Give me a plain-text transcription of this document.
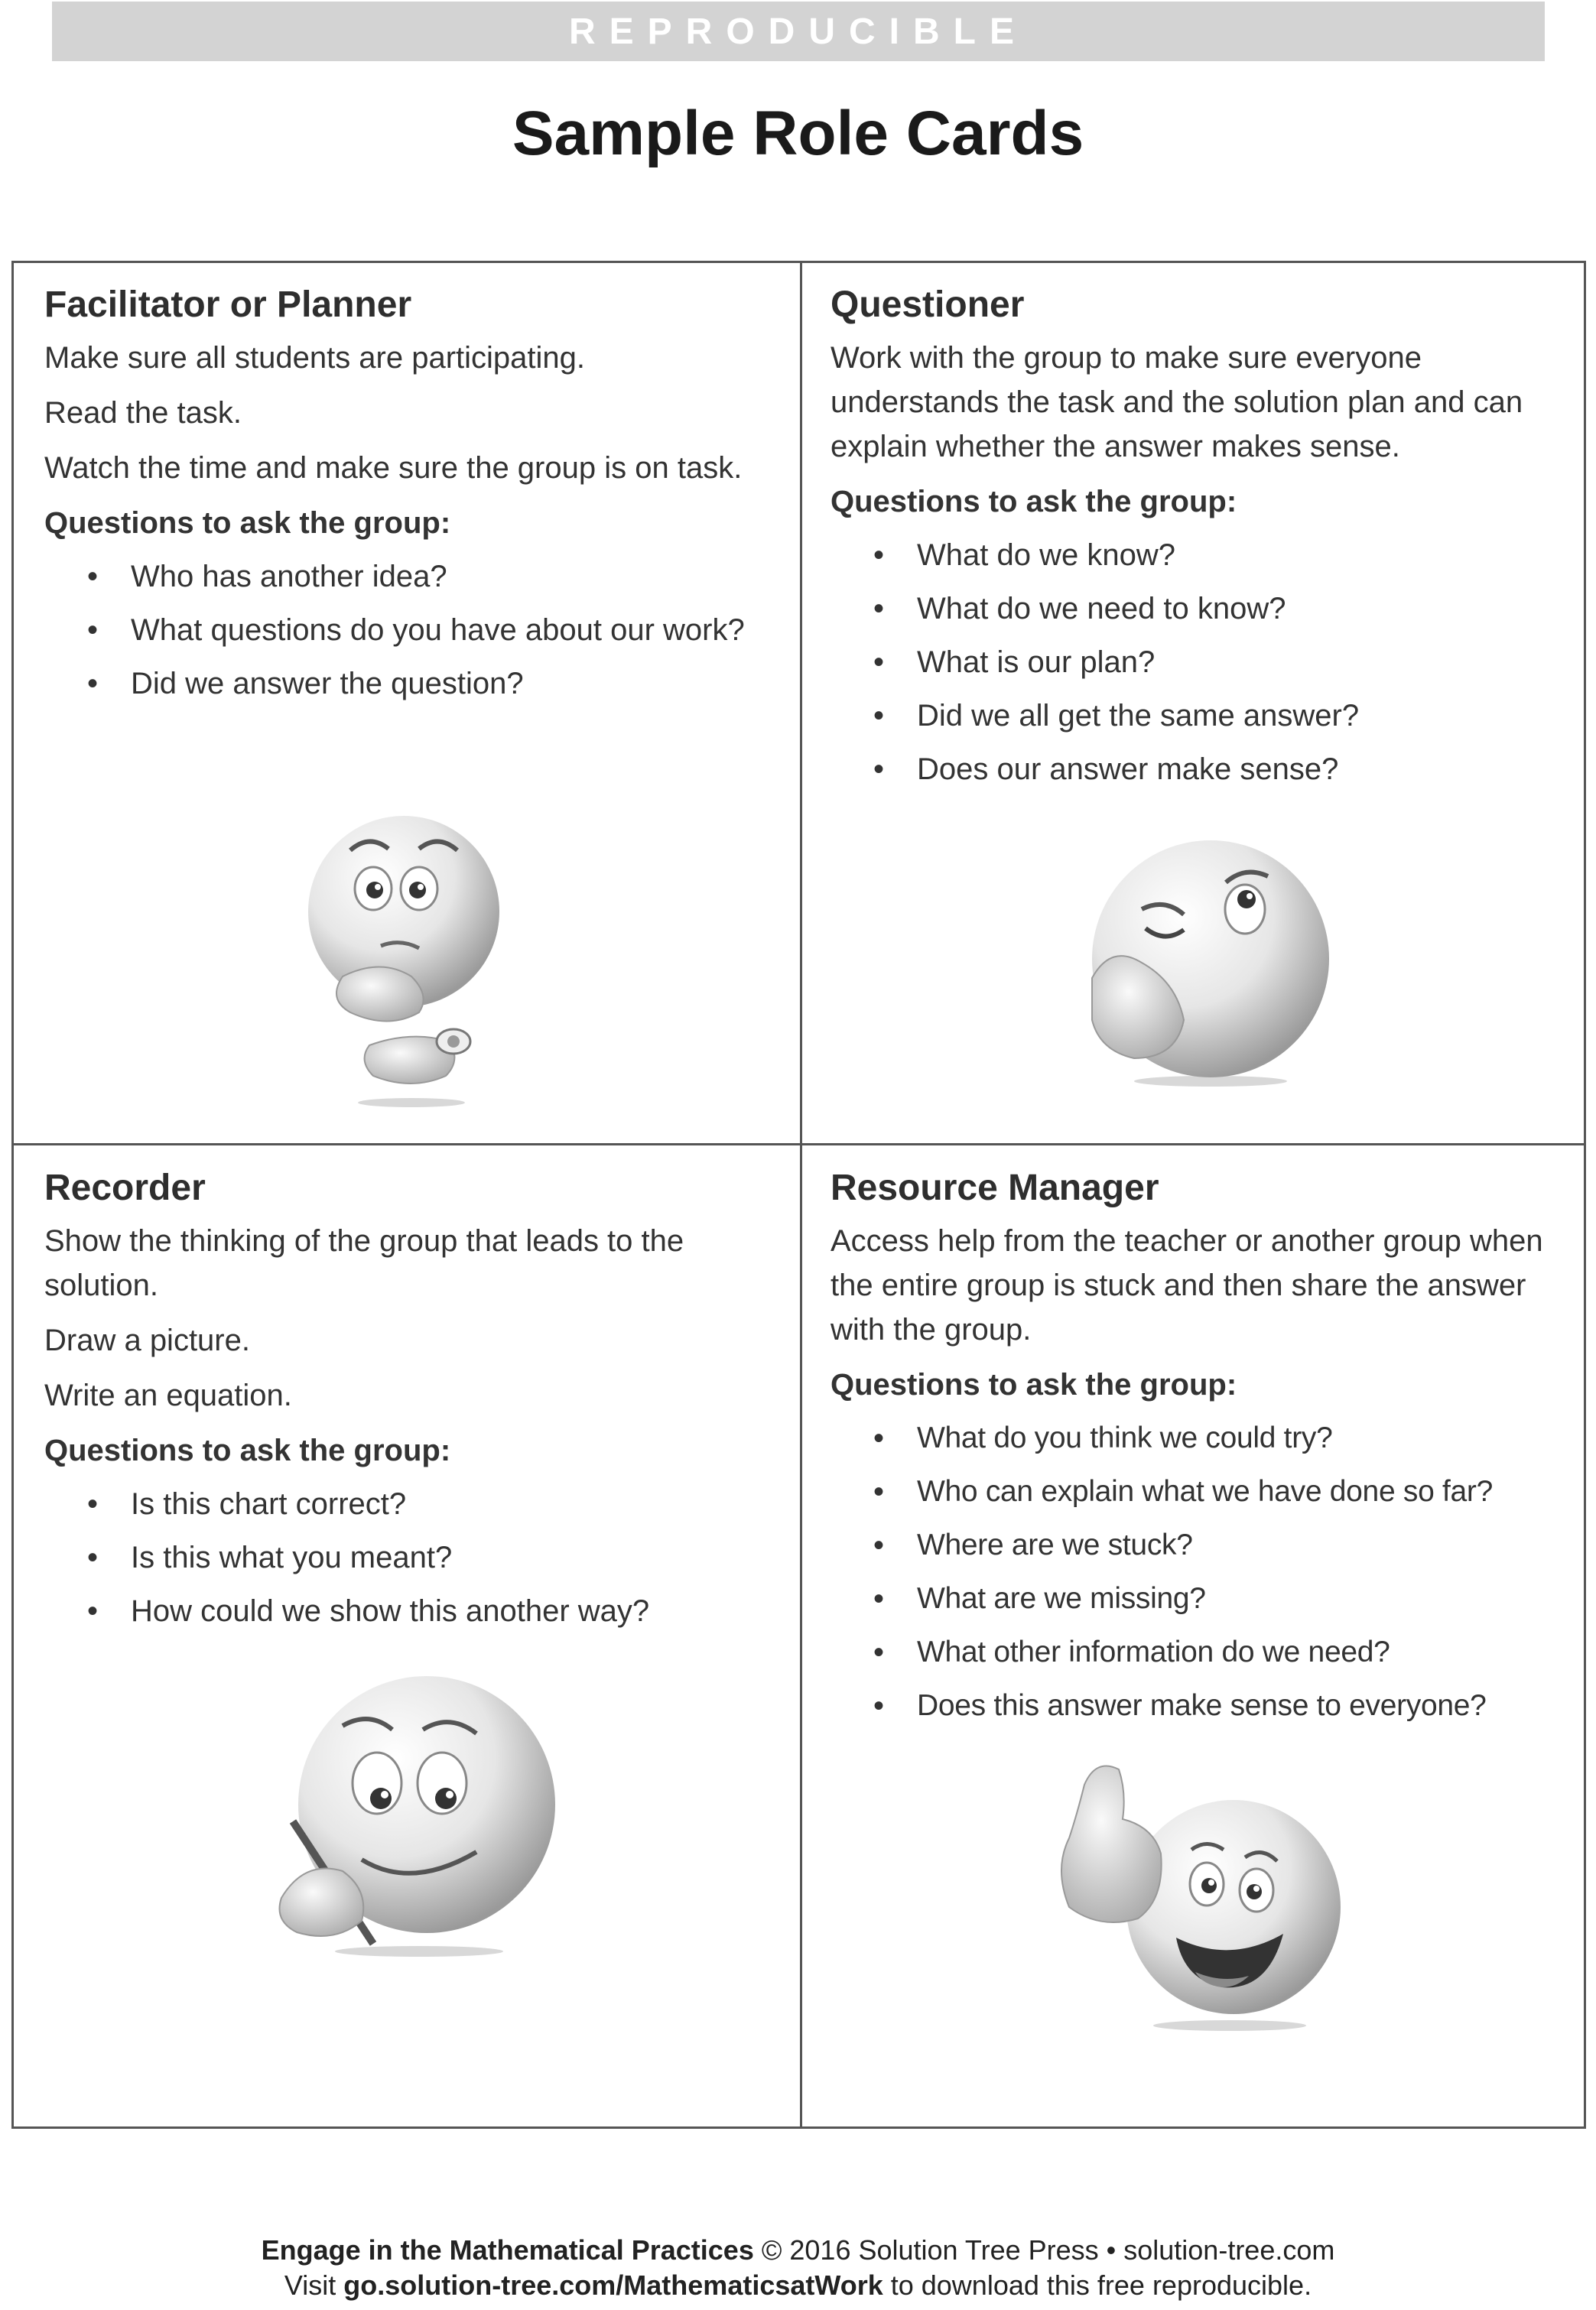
REPRODUCIBLE
Sample Role Cards
Facilitator or Planner

Make sure all students are participating.

Read the task.

Watch the time and make sure the group is on task.

Questions to ask the group:
• Who has another idea?
• What questions do you have about our work?
• Did we answer the question?
Questioner

Work with the group to make sure everyone understands the task and the solution plan and can explain whether the answer makes sense.

Questions to ask the group:
• What do we know?
• What do we need to know?
• What is our plan?
• Did we all get the same answer?
• Does our answer make sense?
Recorder

Show the thinking of the group that leads to the solution.

Draw a picture.

Write an equation.

Questions to ask the group:
• Is this chart correct?
• Is this what you meant?
• How could we show this another way?
Resource Manager

Access help from the teacher or another group when the entire group is stuck and then share the answer with the group.

Questions to ask the group:
• What do you think we could try?
• Who can explain what we have done so far?
• Where are we stuck?
• What are we missing?
• What other information do we need?
• Does this answer make sense to everyone?
Engage in the Mathematical Practices © 2016 Solution Tree Press • solution-tree.com
Visit go.solution-tree.com/MathematicsatWork to download this free reproducible.
